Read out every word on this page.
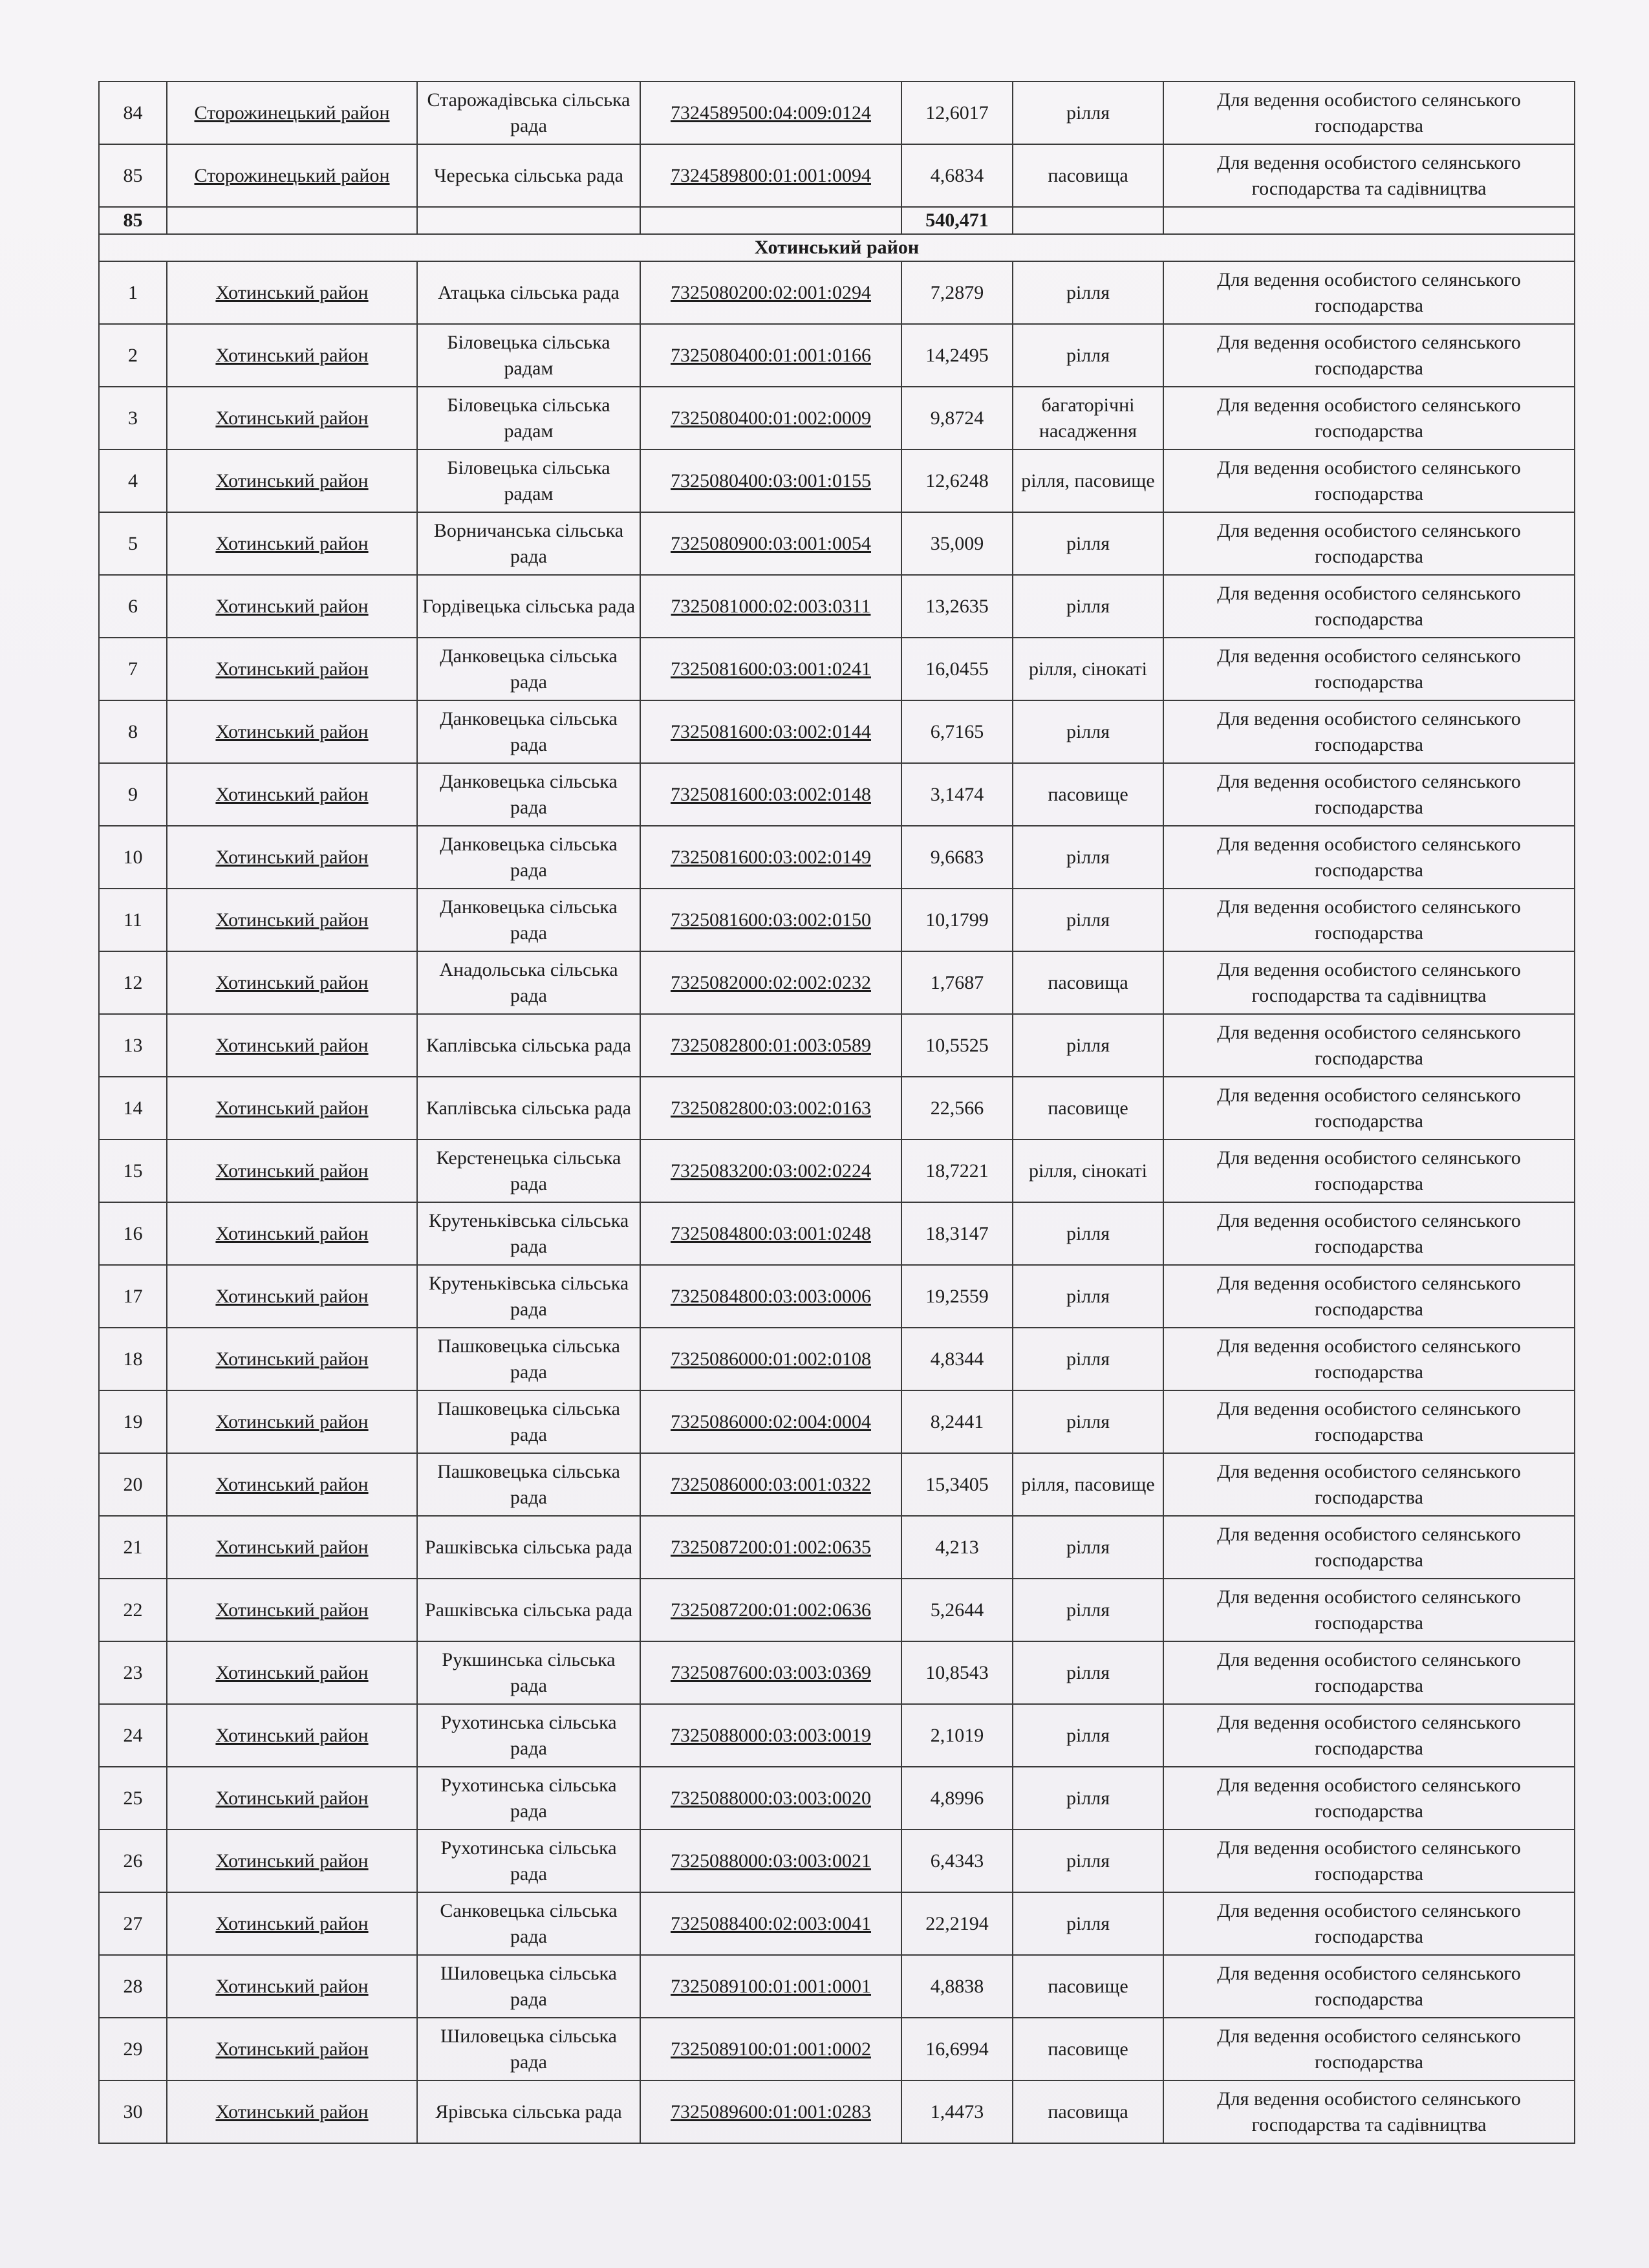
84	Сторожинецький район	Старожадівська сільська рада	7324589500:04:009:0124	12,6017	рілля	Для ведення особистого селянського господарства
85	Сторожинецький район	Череська сільська рада	7324589800:01:001:0094	4,6834	пасовища	Для ведення особистого селянського господарства та садівництва
85				540,471		
Хотинський район						
1	Хотинський район	Атацька сільська рада	7325080200:02:001:0294	7,2879	рілля	Для ведення особистого селянського господарства
2	Хотинський район	Біловецька сільська радам	7325080400:01:001:0166	14,2495	рілля	Для ведення особистого селянського господарства
3	Хотинський район	Біловецька сільська радам	7325080400:01:002:0009	9,8724	багаторічні насадження	Для ведення особистого селянського господарства
4	Хотинський район	Біловецька сільська радам	7325080400:03:001:0155	12,6248	рілля, пасовище	Для ведення особистого селянського господарства
5	Хотинський район	Ворничанська сільська рада	7325080900:03:001:0054	35,009	рілля	Для ведення особистого селянського господарства
6	Хотинський район	Гордівецька сільська рада	7325081000:02:003:0311	13,2635	рілля	Для ведення особистого селянського господарства
7	Хотинський район	Данковецька сільська рада	7325081600:03:001:0241	16,0455	рілля, сінокаті	Для ведення особистого селянського господарства
8	Хотинський район	Данковецька сільська рада	7325081600:03:002:0144	6,7165	рілля	Для ведення особистого селянського господарства
9	Хотинський район	Данковецька сільська рада	7325081600:03:002:0148	3,1474	пасовище	Для ведення особистого селянського господарства
10	Хотинський район	Данковецька сільська рада	7325081600:03:002:0149	9,6683	рілля	Для ведення особистого селянського господарства
11	Хотинський район	Данковецька сільська рада	7325081600:03:002:0150	10,1799	рілля	Для ведення особистого селянського господарства
12	Хотинський район	Анадольська сільська рада	7325082000:02:002:0232	1,7687	пасовища	Для ведення особистого селянського господарства та садівництва
13	Хотинський район	Каплівська сільська рада	7325082800:01:003:0589	10,5525	рілля	Для ведення особистого селянського господарства
14	Хотинський район	Каплівська сільська рада	7325082800:03:002:0163	22,566	пасовище	Для ведення особистого селянського господарства
15	Хотинський район	Керстенецька сільська рада	7325083200:03:002:0224	18,7221	рілля, сінокаті	Для ведення особистого селянського господарства
16	Хотинський район	Крутеньківська сільська рада	7325084800:03:001:0248	18,3147	рілля	Для ведення особистого селянського господарства
17	Хотинський район	Крутеньківська сільська рада	7325084800:03:003:0006	19,2559	рілля	Для ведення особистого селянського господарства
18	Хотинський район	Пашковецька сільська рада	7325086000:01:002:0108	4,8344	рілля	Для ведення особистого селянського господарства
19	Хотинський район	Пашковецька сільська рада	7325086000:02:004:0004	8,2441	рілля	Для ведення особистого селянського господарства
20	Хотинський район	Пашковецька сільська рада	7325086000:03:001:0322	15,3405	рілля, пасовище	Для ведення особистого селянського господарства
21	Хотинський район	Рашківська сільська рада	7325087200:01:002:0635	4,213	рілля	Для ведення особистого селянського господарства
22	Хотинський район	Рашківська сільська рада	7325087200:01:002:0636	5,2644	рілля	Для ведення особистого селянського господарства
23	Хотинський район	Рукшинська сільська рада	7325087600:03:003:0369	10,8543	рілля	Для ведення особистого селянського господарства
24	Хотинський район	Рухотинська сільська рада	7325088000:03:003:0019	2,1019	рілля	Для ведення особистого селянського господарства
25	Хотинський район	Рухотинська сільська рада	7325088000:03:003:0020	4,8996	рілля	Для ведення особистого селянського господарства
26	Хотинський район	Рухотинська сільська рада	7325088000:03:003:0021	6,4343	рілля	Для ведення особистого селянського господарства
27	Хотинський район	Санковецька сільська рада	7325088400:02:003:0041	22,2194	рілля	Для ведення особистого селянського господарства
28	Хотинський район	Шиловецька сільська рада	7325089100:01:001:0001	4,8838	пасовище	Для ведення особистого селянського господарства
29	Хотинський район	Шиловецька сільська рада	7325089100:01:001:0002	16,6994	пасовище	Для ведення особистого селянського господарства
30	Хотинський район	Ярівська сільська рада	7325089600:01:001:0283	1,4473	пасовища	Для ведення особистого селянського господарства та садівництва
